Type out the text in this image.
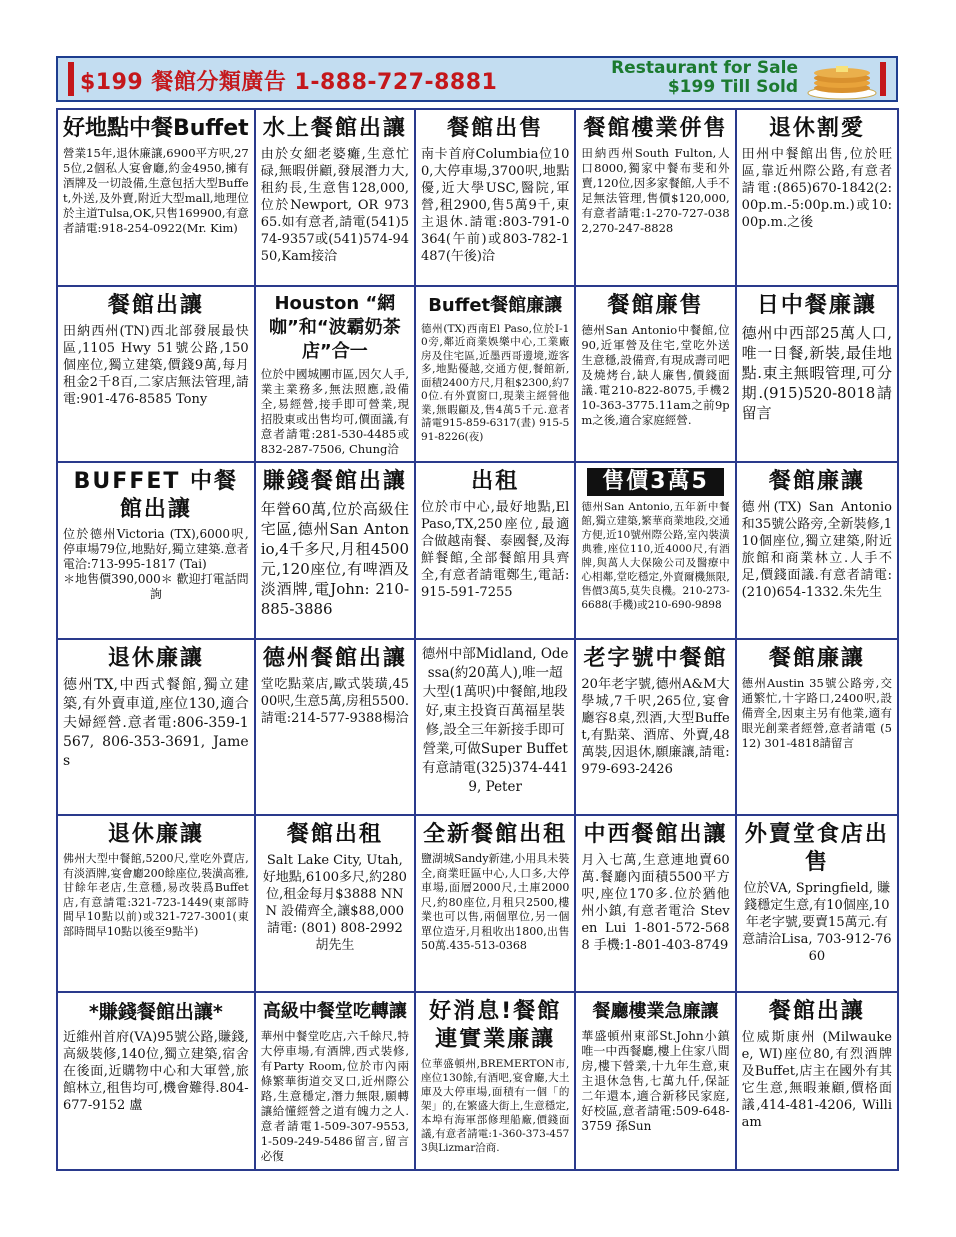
$199 餐館分類廣告 1-888-727-8881
Restaurant for Sale
$199 Till Sold
好地點中餐Buffet
營業15年,退休廉讓,6900平方呎,275位,2個私人宴會廳,約金4950,擁有酒牌及一切設備,生意包括大型Buffet,外送,及外賣,附近大型mall,地理位於主道Tulsa,OK,只售169900,有意者請電:918-254-0922(Mr. Kim)
水上餐館出讓
由於女細老婆癱,生意忙碌,無暇併顧,發展潛力大,租約長,生意售128,000,位於Newport, OR 97365.如有意者,請電(541)574-9357或(541)574-9450,Kam接洽
餐館出售
南卡首府Columbia位100,大停車場,3700呎,地點優,近大學USC,醫院,軍營,租2900,售5萬9千,東主退休.請電:803-791-0364(午前)或803-782-1487(午後)洽
餐館樓業併售
田納西州South Fulton,人口8000,獨家中餐布斐和外賣,120位,因多家餐館,人手不足無法管理,售價$120,000,有意者請電:1-270-727-0382,270-247-8828
退休割愛
田州中餐館出售,位於旺區,靠近州際公路,有意者請電:(865)670-1842(2:00p.m.-5:00p.m.)或10:00p.m.之後
餐館出讓
田納西州(TN)西北部發展最快區,1105 Hwy 51號公路,150個座位,獨立建築,價錢9萬,每月租金2千8百,二家店無法管理,請電:901-476-8585 Tony
Houston “網咖”和“波霸奶茶店”合一
位於中國城團市區,因欠人手,業主業務多,無法照應,設備全,易經營,接手即可營業,現招股東或出售均可,價面議,有意者請電:281-530-4485或832-287-7506, Chung洽
Buffet餐館廉讓
德州(TX)西南El Paso,位於I-10旁,鄰近商業娛樂中心,工業廠房及住宅區,近墨西哥邊境,遊客多,地點優越,交通方便,餐館新,面積2400方尺,月租$2300,約70位.有外賣窗口,現業主經營他業,無暇顧及,售4萬5千元.意者請電915-859-6317(晝) 915-591-8226(夜)
餐館廉售
德州San Antonio中餐館,位90,近軍營及住宅,堂吃外送生意穩,設備齊,有現成壽司吧及燒烤台,缺人廉售,價錢面議.電210-822-8075,手機210-363-3775.11am之前9pm之後,適合家庭經營.
日中餐廉讓
德州中西部25萬人口,唯一日餐,新裝,最佳地點.東主無暇管理,可分期.(915)520-8018請留言
BUFFET 中餐館出讓
位於德州Victoria (TX),6000呎,停車場79位,地點好,獨立建築.意者電洽:713-995-1817 (Tai)
＊地售價390,000＊ 歡迎打電話問詢
賺錢餐館出讓
年營60萬,位於高級住宅區,德州San Antonio,4千多尺,月租4500元,120座位,有啤酒及淡酒牌,電John: 210-885-3886
出租
位於市中心,最好地點,El Paso,TX,250座位,最適合做越南餐、泰國餐,及海鮮餐館,全部餐館用具齊全,有意者請電鄭生,電話:915-591-7255
售價3萬5
德州San Antonio,五年新中餐館,獨立建築,繁華商業地段,交通方便,近10號州際公路,室內裝潢典雅,座位110,近4000尺,有酒牌,與萬人大保險公司及醫療中心相鄰,堂吃穩定,外賣爾機無限,售價3萬5,莫失良機。210-273-6688(手機)或210-690-9898
餐館廉讓
德州(TX) San Antonio和35號公路旁,全新裝修,110個座位,獨立建築,附近旅館和商業林立.人手不足,價錢面議.有意者請電:(210)654-1332.朱先生
退休廉讓
德州TX,中西式餐館,獨立建築,有外賣車道,座位130,適合夫婦經營.意者電:806-359-1567, 806-353-3691, James
德州餐館出讓
堂吃點菜店,歐式裝璜,4500呎,生意5萬,房租5500.請電:214-577-9388楊洽
德州中部Midland, Odessa(約20萬人),唯一超大型(1萬呎)中餐館,地段好,東主投資百萬福星裝修,設全三年新接手即可營業,可做Super Buffet有意請電(325)374-4419, Peter
老字號中餐館
20年老字號,德州A&M大學城,7千呎,265位,宴會廳容8桌,烈酒,大型Buffet,有點菜、酒席、外賣,48萬裝,因退休,願廉讓,請電:979-693-2426
餐館廉讓
德州Austin 35號公路旁,交通繁忙,十字路口,2400呎,設備齊全,因東主另有他業,適有眼光創業者經營,意者請電 (512) 301-4818請留言
退休廉讓
佛州大型中餐館,5200尺,堂吃外賣店,有淡酒牌,宴會廳200餘座位,裝潢高雅,甘餘年老店,生意穩,易改裝爲Buffet店,有意請電:321-723-1449(東部時間早10點以前)或321-727-3001(東部時間早10點以後至9點半)
餐館出租
Salt Lake City, Utah, 好地點,6100多尺,約280位,租金每月$3888 NNN 設備齊全,讓$88,000 請電: (801) 808-2992 胡先生
全新餐館出租
鹽湖城Sandy新建,小用具未裝全,商業旺區中心,人口多,大停車場,面層2000尺,土庫2000尺,約80座位,月租只2500,樓業也可以售,兩個單位,另一個單位造牙,月租收出1800,出售50萬.435-513-0368
中西餐館出讓
月入七萬,生意連地賣60萬.餐廳內面積5500平方呎,座位170多.位於猶他州小鎮,有意者電洽 Steven Lui 1-801-572-5688 手機:1-801-403-8749
外賣堂食店出售
位於VA, Springfield, 賺錢穩定生意,有10個座,10年老字號,要賣15萬元.有意請洽Lisa, 703-912-7660
*賺錢餐館出讓*
近維州首府(VA)95號公路,賺錢,高級裝修,140位,獨立建築,宿舍在後面,近購物中心和大軍營,旅館林立,租售均可,機會難得.804-677-9152 盧
高級中餐堂吃轉讓
華州中餐堂吃店,六千餘尺,特大停車場,有酒牌,西式裝修,有Party Room,位於市內兩條繁華街道交叉口,近州際公路,生意穩定,潛力無限,願轉讓給懂經營之道有魄力之人.意者請電1-509-307-9553,1-509-249-5486留言,留言必復
好消息!餐館連實業廉讓
位華盛頓州,BREMERTON市,座位130餘,有酒吧,宴會廳,大土庫及大停車場,面積有一個「的架」的,在繁盛大街上,生意穩定,本埠有海軍部修理船廠,價錢面議,有意者請電:1-360-373-4573與Lizmar洽商.
餐廳樓業急廉讓
華盛頓州東部St.John小鎮唯一中西餐廳,樓上住家八間房,樓下營業,十九年生意,東主退休急售,七萬九仟,保証二年還本,適合新移民家庭,好校區,意者請電:509-648-3759 孫Sun
餐館出讓
位威斯康州 (Milwaukee, WI)座位80,有烈酒牌及Buffet,店主在國外有其它生意,無暇兼顧,價格面議,414-481-4206, William
